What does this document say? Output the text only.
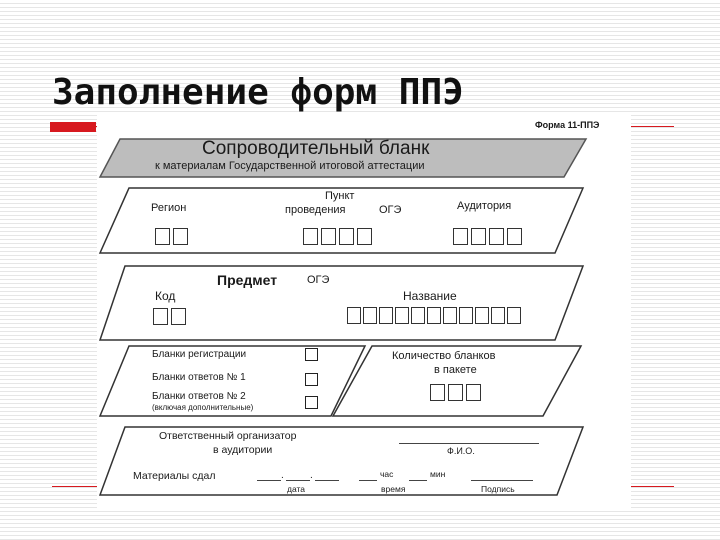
Заполнение форм ППЭ
Форма 11-ППЭ
Сопроводительный бланк
к материалам Государственной итоговой аттестации
Регион
Пункт
проведения	ОГЭ	Аудитория
Предмет	ОГЭ
Код	Название
Бланки регистрации
Бланки ответов № 1
Бланки ответов № 2
(включая дополнительные)
Количество бланков
в пакете
Ответственный организатор
в аудитории	Ф.И.О.
Материалы сдал	.	.
дата
час	мин
время	Подпись
